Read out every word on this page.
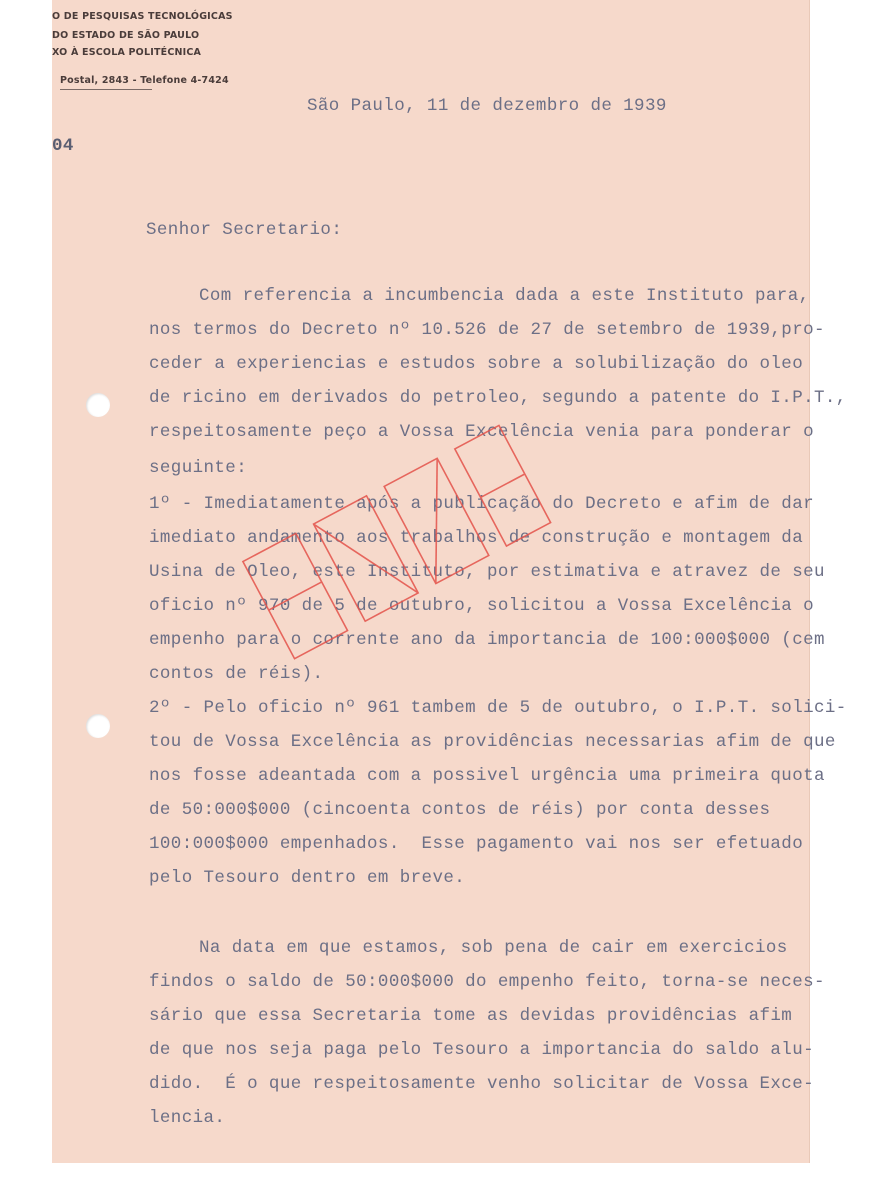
O DE PESQUISAS TECNOLÓGICAS
DO ESTADO DE SÃO PAULO
XO À ESCOLA POLITÉCNICA
Postal, 2843 - Telefone 4-7424
04
São Paulo, 11 de dezembro de 1939
Senhor Secretario:
Com referencia a incumbencia dada a este Instituto para,
nos termos do Decreto nº 10.526 de 27 de setembro de 1939,pro-
ceder a experiencias e estudos sobre a solubilização do oleo
de ricino em derivados do petroleo, segundo a patente do I.P.T.,
respeitosamente peço a Vossa Excelência venia para ponderar o
seguinte:
1º - Imediatamente após a publicação do Decreto e afim de dar
imediato andamento aos trabalhos de construção e montagem da
Usina de Oleo, este Instituto, por estimativa e atravez de seu
oficio nº 970 de 5 de outubro, solicitou a Vossa Excelência o
empenho para o corrente ano da importancia de 100:000$000 (cem
contos de réis).
2º - Pelo oficio nº 961 tambem de 5 de outubro, o I.P.T. solici-
tou de Vossa Excelência as providências necessarias afim de que
nos fosse adeantada com a possivel urgência uma primeira quota
de 50:000$000 (cincoenta contos de réis) por conta desses
100:000$000 empenhados.  Esse pagamento vai nos ser efetuado
pelo Tesouro dentro em breve.
Na data em que estamos, sob pena de cair em exercicios
findos o saldo de 50:000$000 do empenho feito, torna-se neces-
sário que essa Secretaria tome as devidas providências afim
de que nos seja paga pelo Tesouro a importancia do saldo alu-
dido.  É o que respeitosamente venho solicitar de Vossa Exce-
lencia.
